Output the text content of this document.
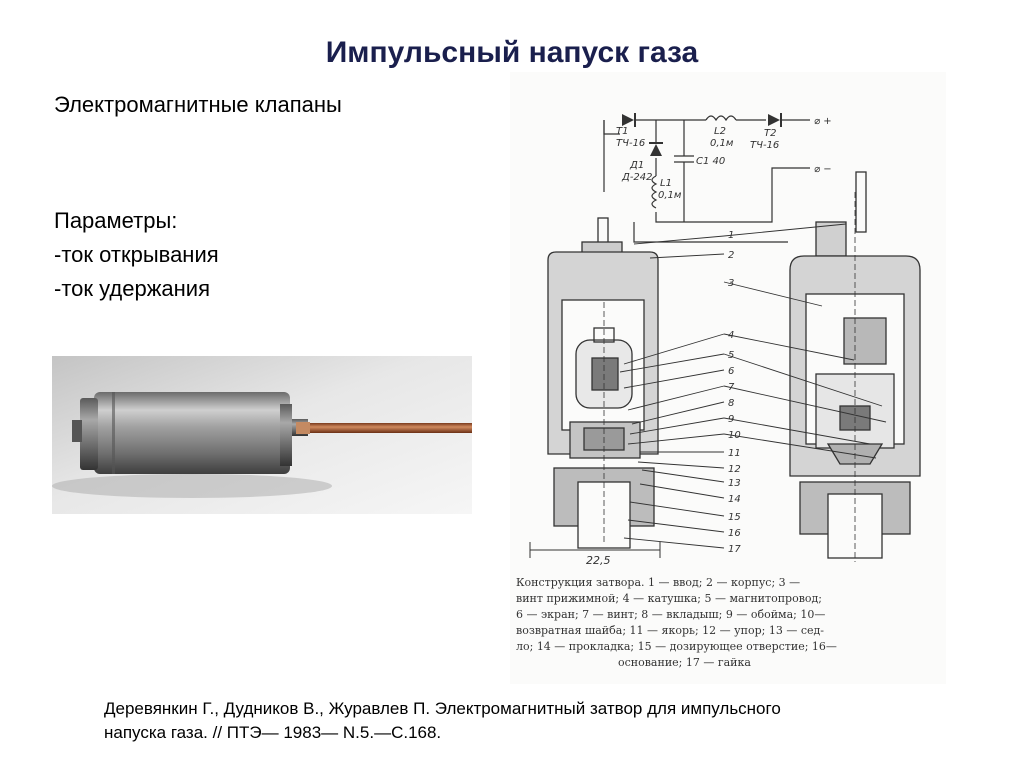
Импульсный напуск газа
Электромагнитные клапаны
Параметры:
-ток открывания
-ток удержания
T1
ТЧ-16
Д1
Д-242
L1
0,1м
L2
0,1м
C1 40
T2
ТЧ-16
⌀ +
⌀ −
22,5
1
2
3
4
5
6
7
8
9
10
11
12
13
14
15
16
17
Конструкция затвора. 1 — ввод; 2 — корпус; 3 —
винт прижимной; 4 — катушка; 5 — магнитопровод;
6 — экран; 7 — винт; 8 — вкладыш; 9 — обойма; 10—
возвратная шайба; 11 — якорь; 12 — упор; 13 — сед-
ло; 14 — прокладка; 15 — дозирующее отверстие; 16—
основание; 17 — гайка
Деревянкин Г., Дудников В., Журавлев П. Электромагнитный затвор для импульсного
напуска газа. // ПТЭ— 1983— N.5.—С.168.
